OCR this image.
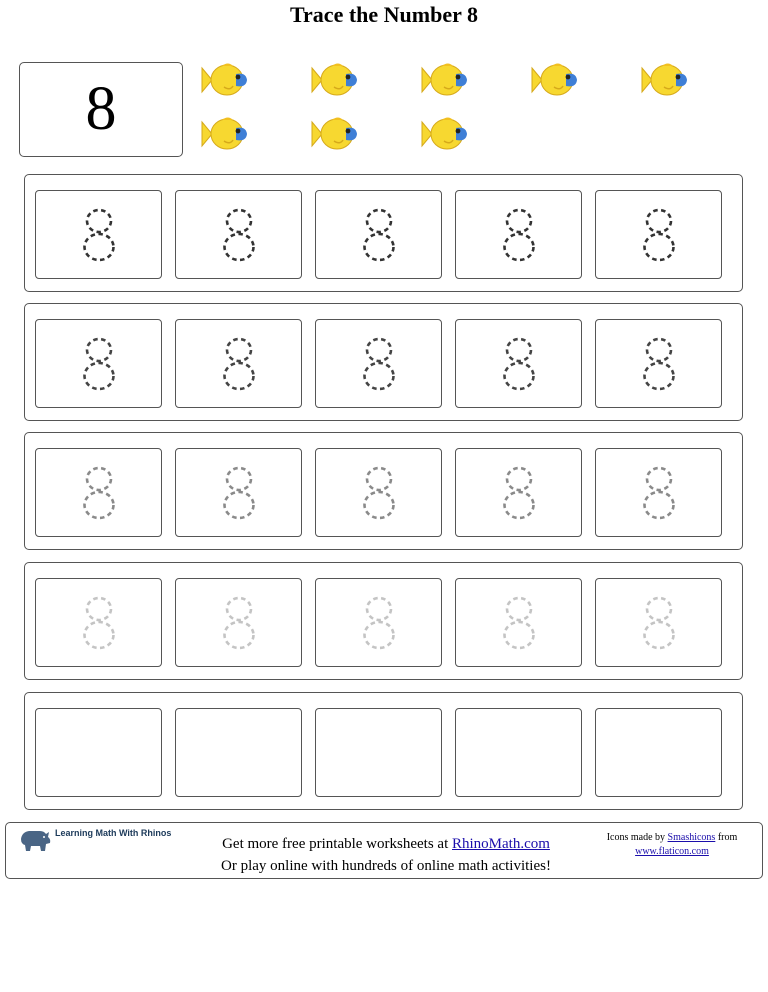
Trace the Number 8
8
Learning Math With Rhinos
Get more free printable worksheets at RhinoMath.com
Or play online with hundreds of online math activities!
Icons made by Smashicons from
www.flaticon.com
